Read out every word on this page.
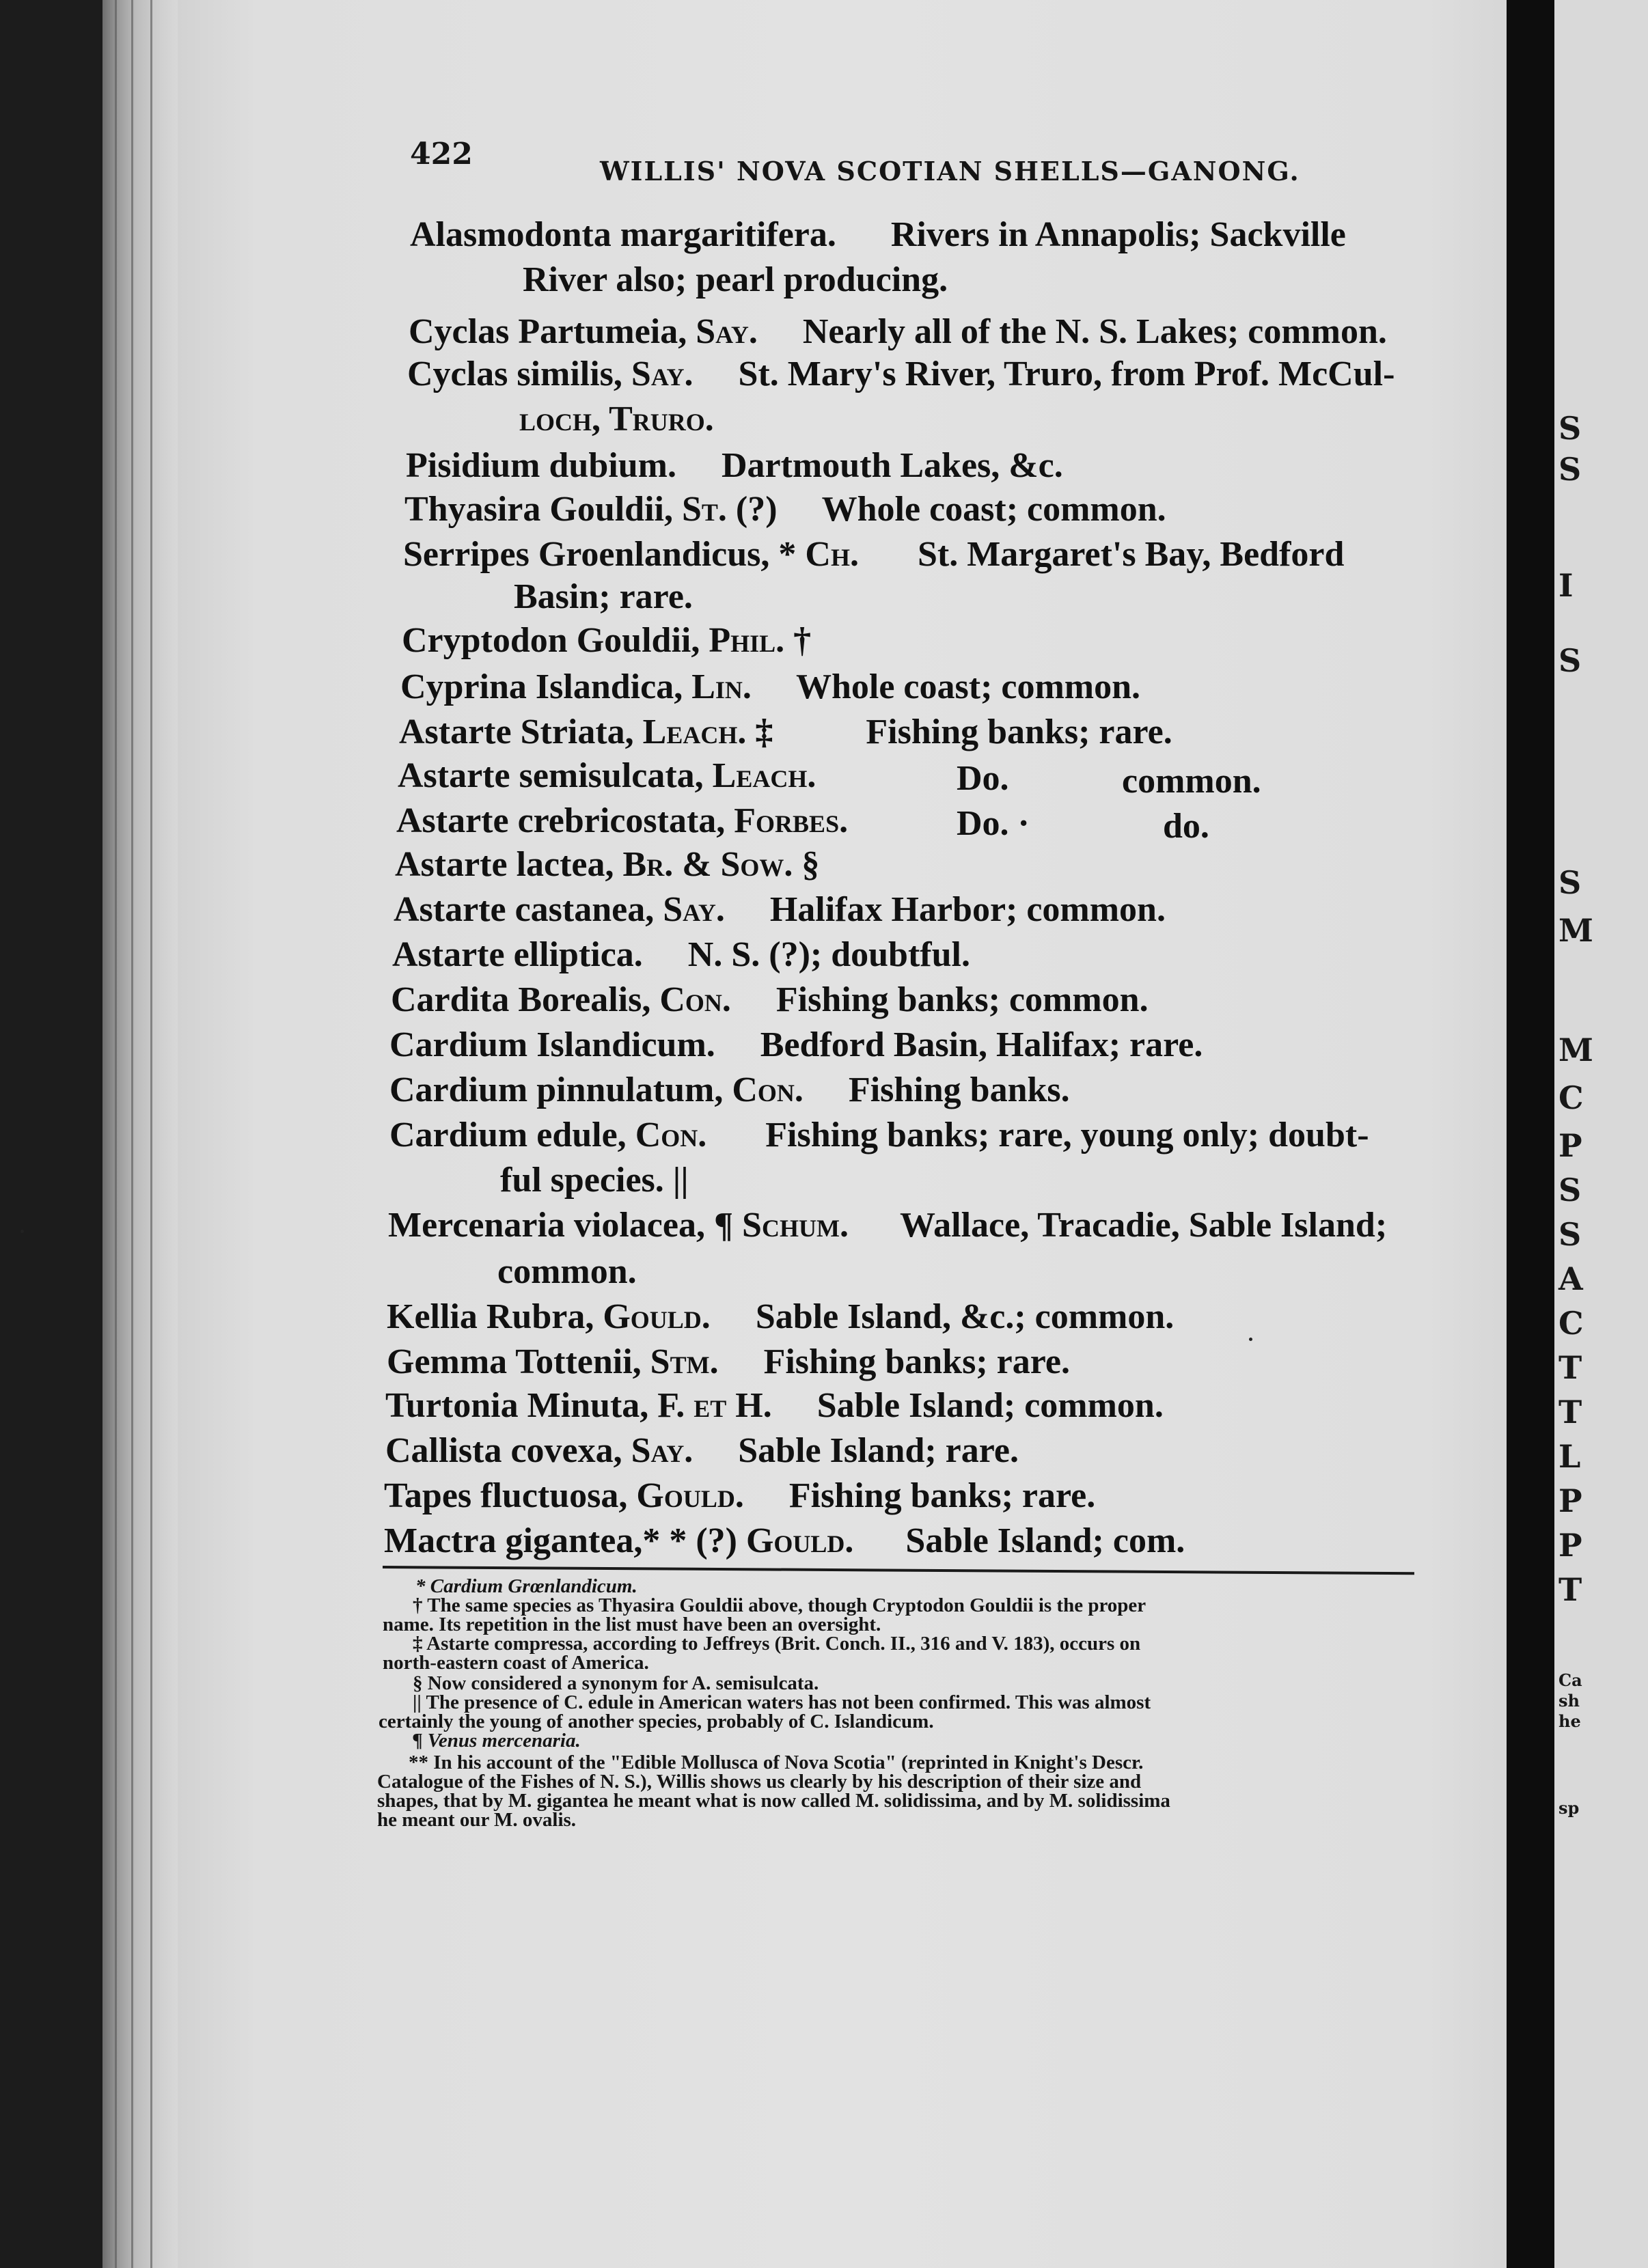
S
S
I
S
S
M
M
C
P
S
S
A
C
T
T
L
P
P
T
Ca
sh
he
sp
422	WILLIS' NOVA SCOTIAN SHELLS—GANONG.
Alasmodonta margaritifera. Rivers in Annapolis; Sackville
River also; pearl producing.
Cyclas Partumeia, Say. Nearly all of the N. S. Lakes; common.
Cyclas similis, Say. St. Mary's River, Truro, from Prof. McCul-
loch, Truro.
Pisidium dubium. Dartmouth Lakes, &c.
Thyasira Gouldii, St. (?) Whole coast; common.
Serripes Groenlandicus, * Ch. St. Margaret's Bay, Bedford
Basin; rare.
Cryptodon Gouldii, Phil. †
Cyprina Islandica, Lin. Whole coast; common.
Astarte Striata, Leach. ‡	Fishing banks; rare.
Astarte semisulcata, Leach.	Do.	common.
Astarte crebricostata, Forbes.	Do. ·	do.
Astarte lactea, Br. & Sow. §
Astarte castanea, Say. Halifax Harbor; common.
Astarte elliptica. N. S. (?); doubtful.
Cardita Borealis, Con. Fishing banks; common.
Cardium Islandicum. Bedford Basin, Halifax; rare.
Cardium pinnulatum, Con. Fishing banks.
Cardium edule, Con. Fishing banks; rare, young only; doubt-
ful species. ||
Mercenaria violacea, ¶ Schum. Wallace, Tracadie, Sable Island;
common.
Kellia Rubra, Gould. Sable Island, &c.; common.
Gemma Tottenii, Stm. Fishing banks; rare.
Turtonia Minuta, F. et H. Sable Island; common.
Callista covexa, Say. Sable Island; rare.
Tapes fluctuosa, Gould. Fishing banks; rare.
Mactra gigantea,* * (?) Gould. Sable Island; com.
* Cardium Grœnlandicum.
† The same species as Thyasira Gouldii above, though Cryptodon Gouldii is the proper
name. Its repetition in the list must have been an oversight.
‡ Astarte compressa, according to Jeffreys (Brit. Conch. II., 316 and V. 183), occurs on
north-eastern coast of America.
§ Now considered a synonym for A. semisulcata.
|| The presence of C. edule in American waters has not been confirmed. This was almost
certainly the young of another species, probably of C. Islandicum.
¶ Venus mercenaria.
** In his account of the "Edible Mollusca of Nova Scotia" (reprinted in Knight's Descr.
Catalogue of the Fishes of N. S.), Willis shows us clearly by his description of their size and
shapes, that by M. gigantea he meant what is now called M. solidissima, and by M. solidissima
he meant our M. ovalis.
